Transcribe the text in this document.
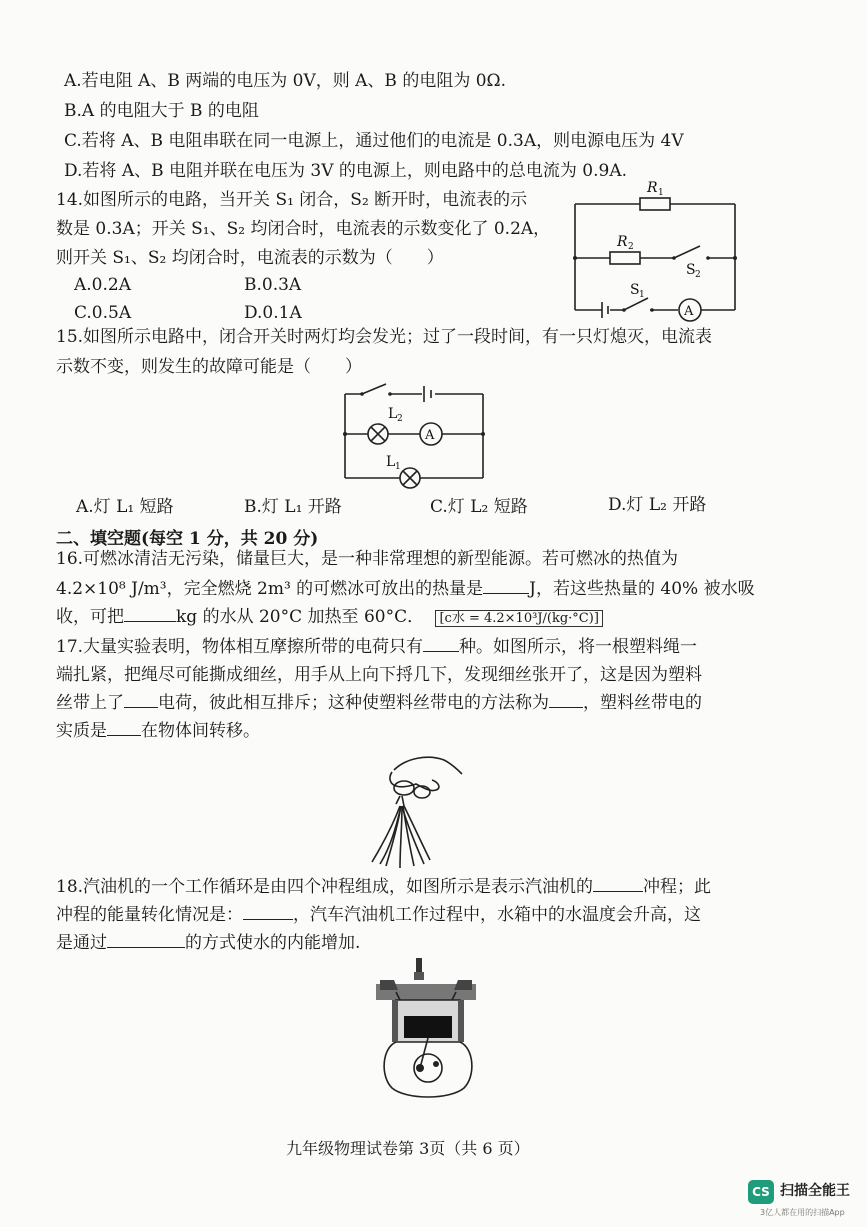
A.若电阻 A、B 两端的电压为 0V，则 A、B 的电阻为 0Ω.
B.A 的电阻大于 B 的电阻
C.若将 A、B 电阻串联在同一电源上，通过他们的电流是 0.3A，则电源电压为 4V
D.若将 A、B 电阻并联在电压为 3V 的电源上，则电路中的总电流为 0.9A.
14.如图所示的电路，当开关 S₁ 闭合，S₂ 断开时，电流表的示
数是 0.3A；开关 S₁、S₂ 均闭合时，电流表的示数变化了 0.2A，
则开关 S₁、S₂ 均闭合时，电流表的示数为（　　）
A.0.2A	B.0.3A
C.0.5A	D.0.1A
R 1
R 2
S 2
S 1
A
15.如图所示电路中，闭合开关时两灯均会发光；过了一段时间，有一只灯熄灭，电流表
示数不变，则发生的故障可能是（　　）
L 2
A
L 1
A.灯 L₁ 短路	B.灯 L₁ 开路	C.灯 L₂ 短路	D.灯 L₂ 开路
二、填空题(每空 1 分，共 20 分)
16.可燃冰清洁无污染，储量巨大，是一种非常理想的新型能源。若可燃冰的热值为
4.2×10⁸ J/m³，完全燃烧 2m³ 的可燃冰可放出的热量是	J，若这些热量的 40% 被水吸
收，可把	kg 的水从 20°C 加热至 60°C． [c水 = 4.2×10³J/(kg·°C)]
17.大量实验表明，物体相互摩擦所带的电荷只有 种。如图所示，将一根塑料绳一
端扎紧，把绳尽可能撕成细丝，用手从上向下捋几下，发现细丝张开了，这是因为塑料
丝带上了 电荷，彼此相互排斥；这种使塑料丝带电的方法称为 ，塑料丝带电的
实质是 在物体间转移。
18.汽油机的一个工作循环是由四个冲程组成，如图所示是表示汽油机的	冲程；此
冲程的能量转化情况是：	，汽车汽油机工作过程中，水箱中的水温度会升高，这
是通过	的方式使水的内能增加.
九年级物理试卷第 3页（共 6 页）
CS 扫描全能王
3亿人都在用的扫描App
